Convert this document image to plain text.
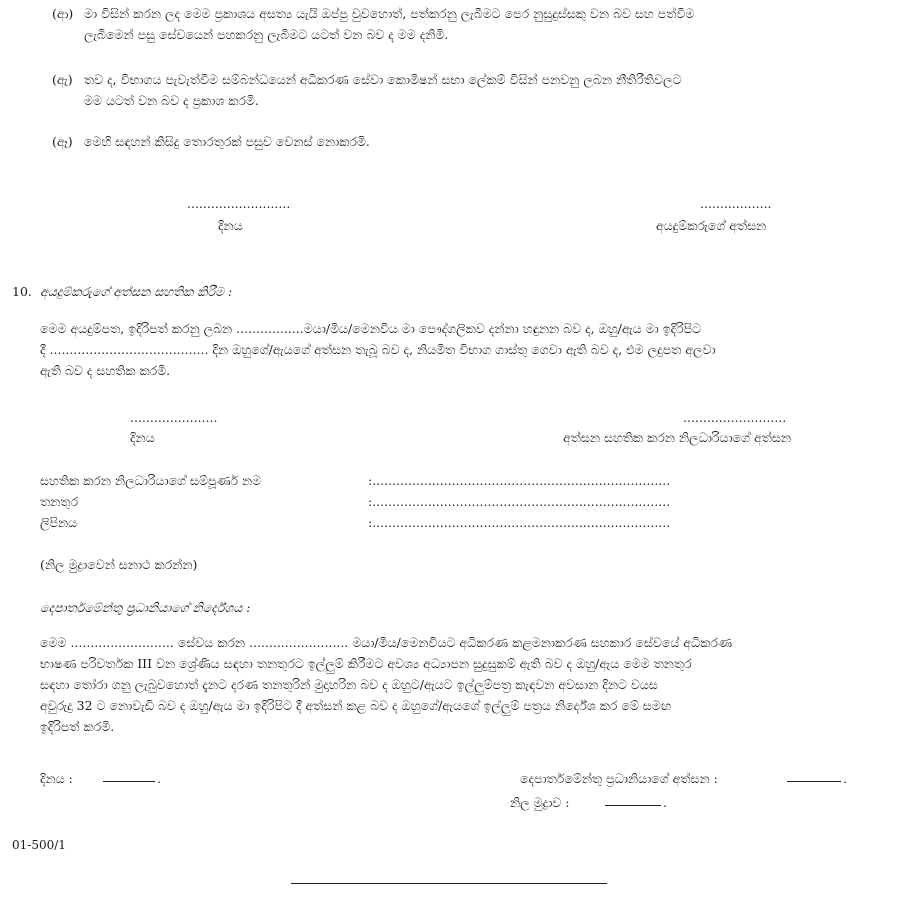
(ආ) මා විසින් කරන ලද මෙම ප්‍රකාශය අසත්‍ය යැයි ඔප්පු වුවහොත්, පත්කරනු ලැබීමට පෙර නුසුදුස්සකු වන බව සහ පත්වීම
ලැබීමෙන් පසු සේවයෙන් පහකරනු ලැබීමට යටත් වන බව ද මම දනිමි.
(ඇ) තව ද, විභාගය පැවැත්වීම සම්බන්ධයෙන් අධිකරණ සේවා කොමිෂන් සභා ලේකම් විසින් පනවනු ලබන නීතිරීතිවලට
මම යටත් වන බව ද ප්‍රකාශ කරමි.
(ඈ) මෙහි සඳහන් කිසිදු තොරතුරක් පසුව වෙනස් නොකරමි.
..........................
දිනය
..................
අයදුම්කරුගේ අත්සන
10. අයදුම්කරුගේ අත්සන සහතික කිරීම :
මෙම අයදුම්පත, ඉදිරිපත් කරනු ලබන .................මයා/මිය/මෙනවිය මා පෞද්ගලිකව දන්නා හඳුනන බව ද, ඔහු/ඇය මා ඉදිරිපිට
දී ........................................ දින ඔහුගේ/ඇයගේ අත්සන තැබූ බව ද, නියමිත විභාග ගාස්තු ගෙවා ඇති බව ද, එම ලදුපත අලවා
ඇති බව ද සහතික කරමි.
......................
දිනය
..........................
අත්සන සහතික කරන නිලධාරියාගේ අත්සන
සහතික කරන නිලධාරියාගේ සම්පූර්ණ නම	:...........................................................................
තනතුර	:...........................................................................
ලිපිනය	:...........................................................................
(නිල මුද්‍රාවෙන් සනාථ කරන්න)
දෙපාර්තමේන්තු ප්‍රධානියාගේ නිර්දේශය :
මෙම .......................... සේවය කරන ......................... මයා/මිය/මෙනවියට අධිකරණ කළමනාකරණ සහකාර සේවයේ අධිකරණ
භාෂණ පරිවර්තක III වන ශ්‍රේණිය සඳහා තනතුරට ඉල්ලුම් කිරීමට අවශ්‍ය අධ්‍යාපන සුදුසුකම් ඇති බව ද ඔහු/ඇය මෙම තනතුර
සඳහා තෝරා ගනු ලැබුවහොත් දැනට දරණ තනතුරින් මුදාහරින බව ද ඔහුට/ඇයට ඉල්ලුම්පත්‍ර කැඳවන අවසාන දිනට වයස
අවුරුදු 32 ට නොවැඩි බව ද ඔහු/ඇය මා ඉදිරිපිට දී අත්සන් කළ බව ද ඔහුගේ/ඇයගේ ඉල්ලුම් පත්‍රය නිර්දේශ කර මේ සමඟ
ඉදිරිපත් කරමි.
දිනය :	.	දෙපාර්තමේන්තු ප්‍රධානියාගේ අත්සන :	.
නිල මුද්‍රාව :	.
01-500/1
